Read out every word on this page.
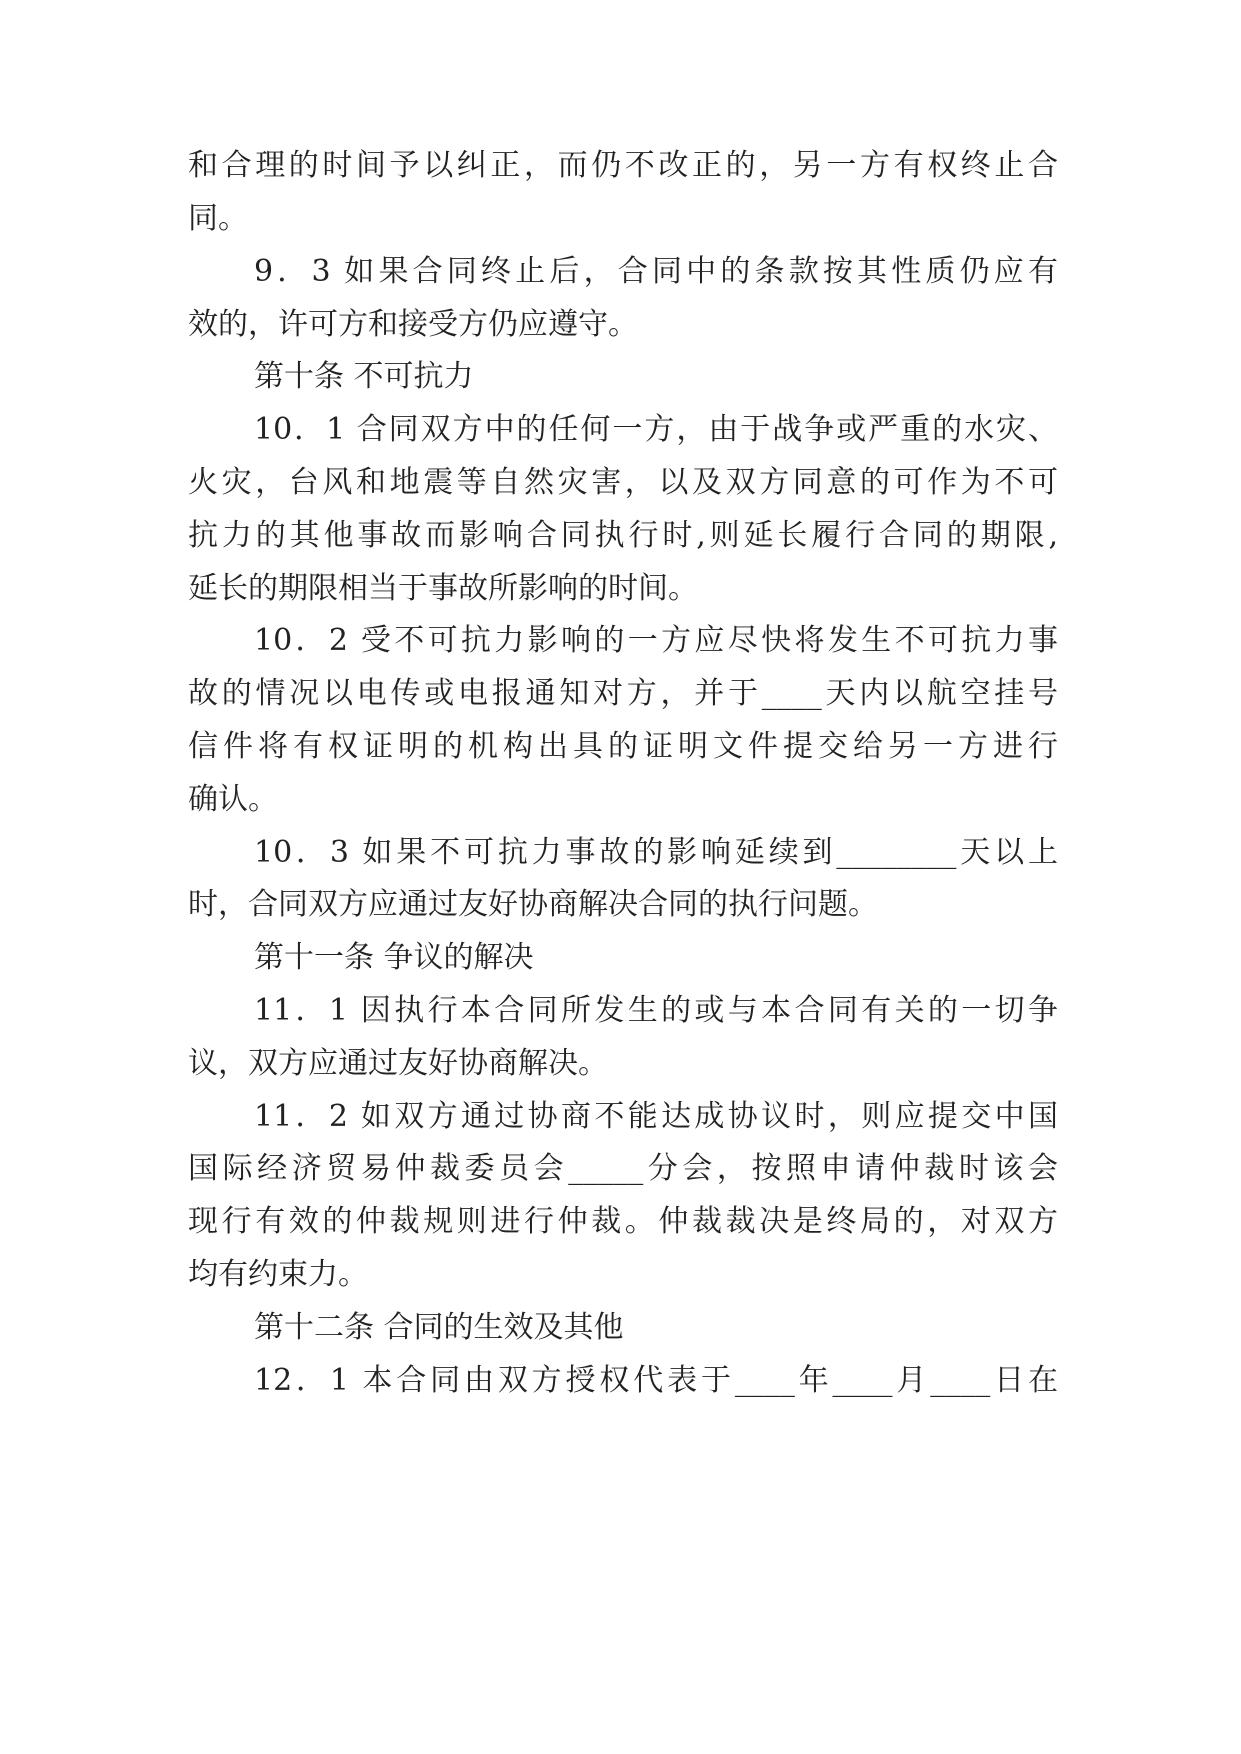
和合理的时间予以纠正，而仍不改正的，另一方有权终止合
同。
9．3 如果合同终止后，合同中的条款按其性质仍应有
效的，许可方和接受方仍应遵守。
第十条 不可抗力
10．1 合同双方中的任何一方，由于战争或严重的水灾、
火灾，台风和地震等自然灾害，以及双方同意的可作为不可
抗力的其他事故而影响合同执行时,则延长履行合同的期限,
延长的期限相当于事故所影响的时间。
10．2 受不可抗力影响的一方应尽快将发生不可抗力事
故的情况以电传或电报通知对方，并于____天内以航空挂号
信件将有权证明的机构出具的证明文件提交给另一方进行
确认。
10．3 如果不可抗力事故的影响延续到________天以上
时，合同双方应通过友好协商解决合同的执行问题。
第十一条 争议的解决
11．1 因执行本合同所发生的或与本合同有关的一切争
议，双方应通过友好协商解决。
11．2 如双方通过协商不能达成协议时，则应提交中国
国际经济贸易仲裁委员会_____分会，按照申请仲裁时该会
现行有效的仲裁规则进行仲裁。仲裁裁决是终局的，对双方
均有约束力。
第十二条 合同的生效及其他
12．1 本合同由双方授权代表于____年____月____日在
